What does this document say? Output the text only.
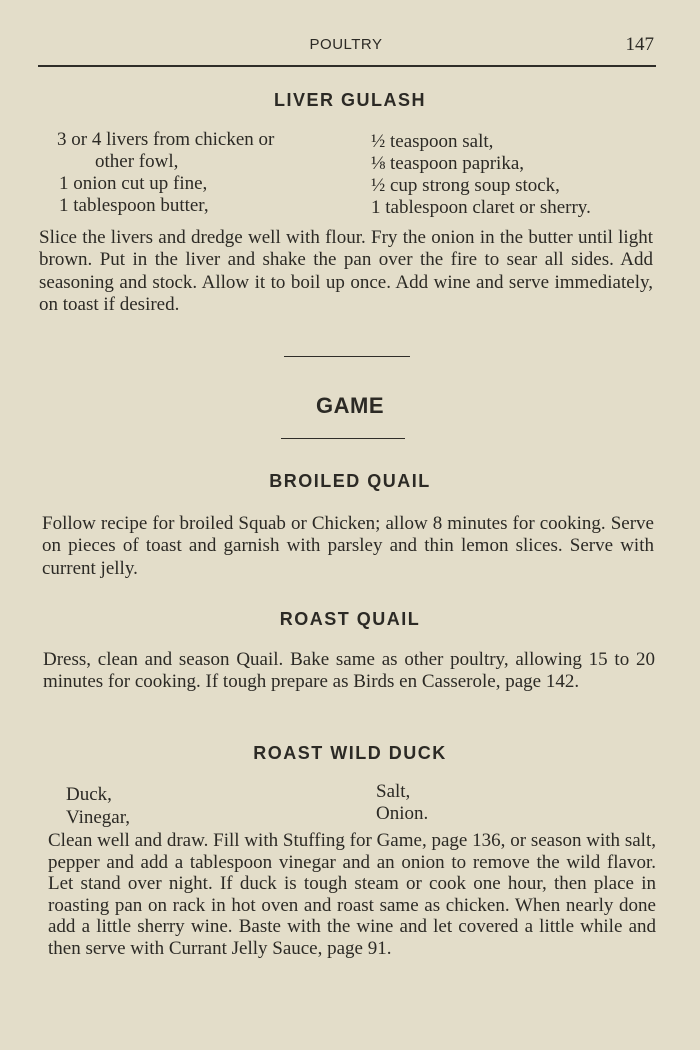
POULTRY	147
LIVER GULASH
3 or 4 livers from chicken or
other fowl,
1 onion cut up fine,
1 tablespoon butter,
½ teaspoon salt,
⅛ teaspoon paprika,
½ cup strong soup stock,
1 tablespoon claret or sherry.

Slice the livers and dredge well with flour. Fry the onion in the butter until light brown. Put in the liver and shake the pan over the fire to sear all sides. Add seasoning and stock. Allow it to boil up once. Add wine and serve immediately, on toast if desired.

GAME
BROILED QUAIL

Follow recipe for broiled Squab or Chicken; allow 8 minutes for cooking. Serve on pieces of toast and garnish with parsley and thin lemon slices. Serve with current jelly.

ROAST QUAIL

Dress, clean and season Quail. Bake same as other poultry, allowing 15 to 20 minutes for cooking. If tough prepare as Birds en Casserole, page 142.

ROAST WILD DUCK
Duck,
Vinegar,
Salt,
Onion.

Clean well and draw. Fill with Stuffing for Game, page 136, or season with salt, pepper and add a tablespoon vinegar and an onion to remove the wild flavor. Let stand over night. If duck is tough steam or cook one hour, then place in roasting pan on rack in hot oven and roast same as chicken. When nearly done add a little sherry wine. Baste with the wine and let covered a little while and then serve with Currant Jelly Sauce, page 91.
